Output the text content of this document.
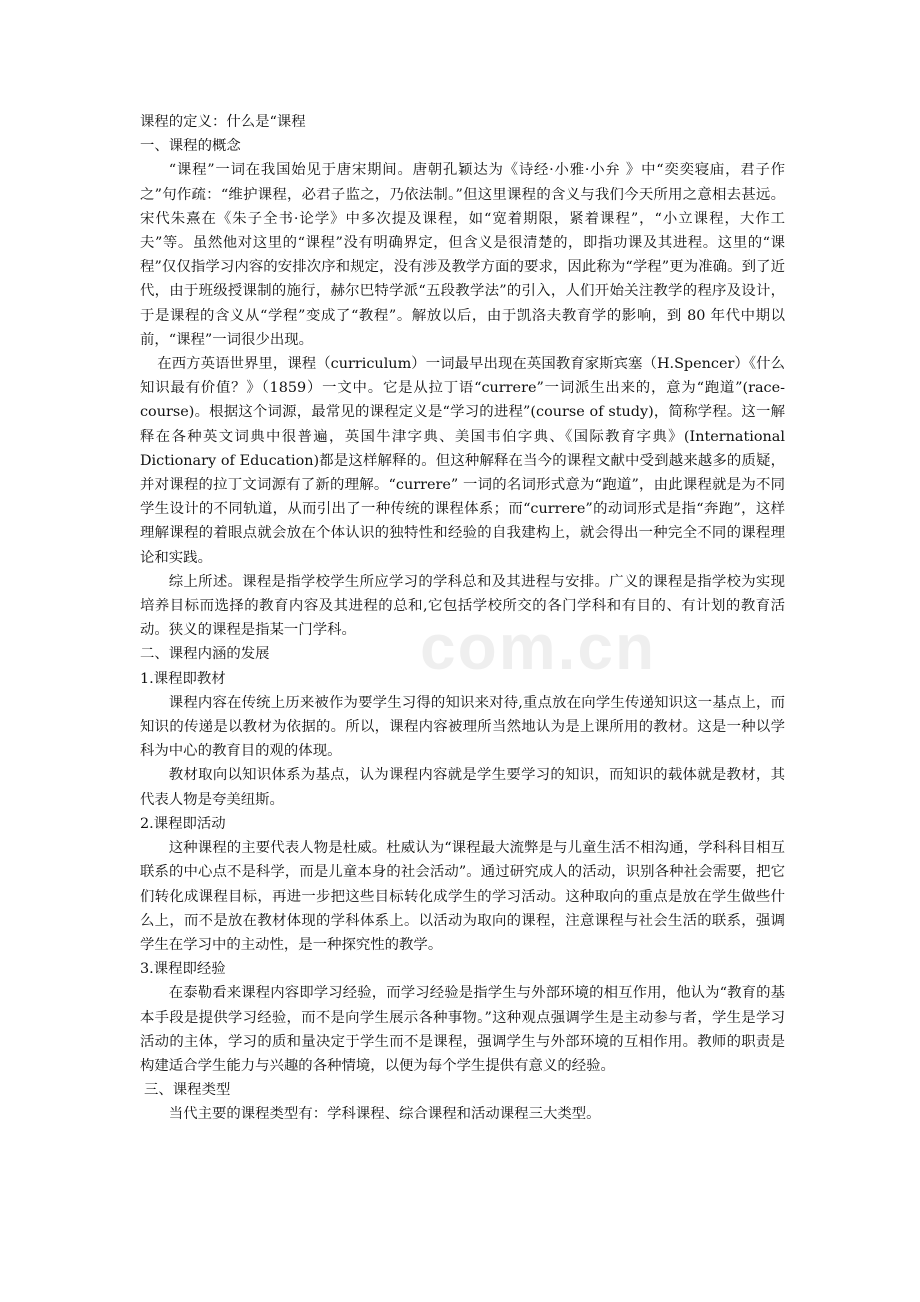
com.cn
课程的定义：什么是“课程
一、课程的概念
“课程”一词在我国始见于唐宋期间。唐朝孔颖达为《诗经·小雅·小弁 》中“奕奕寝庙，君子作之”句作疏：“维护课程，必君子监之，乃依法制。”但这里课程的含义与我们今天所用之意相去甚远。宋代朱熹在《朱子全书·论学》中多次提及课程，如“宽着期限，紧着课程”，“小立课程，大作工夫”等。虽然他对这里的“课程”没有明确界定，但含义是很清楚的，即指功课及其进程。这里的“课程”仅仅指学习内容的安排次序和规定，没有涉及教学方面的要求，因此称为“学程”更为准确。到了近代，由于班级授课制的施行，赫尔巴特学派“五段教学法”的引入，人们开始关注教学的程序及设计，于是课程的含义从“学程”变成了“教程”。解放以后，由于凯洛夫教育学的影响，到 80 年代中期以前，“课程”一词很少出现。
在西方英语世界里，课程（curriculum）一词最早出现在英国教育家斯宾塞（H.Spencer）《什么知识最有价值？》（1859）一文中。它是从拉丁语“currere”一词派生出来的，意为“跑道”(race-course)。根据这个词源，最常见的课程定义是“学习的进程”(course of study)，简称学程。这一解释在各种英文词典中很普遍，英国牛津字典、美国韦伯字典、《国际教育字典》(International Dictionary of Education)都是这样解释的。但这种解释在当今的课程文献中受到越来越多的质疑，并对课程的拉丁文词源有了新的理解。“currere” 一词的名词形式意为“跑道”，由此课程就是为不同学生设计的不同轨道，从而引出了一种传统的课程体系；而“currere”的动词形式是指“奔跑”，这样理解课程的着眼点就会放在个体认识的独特性和经验的自我建构上，就会得出一种完全不同的课程理论和实践。
综上所述。课程是指学校学生所应学习的学科总和及其进程与安排。广义的课程是指学校为实现培养目标而选择的教育内容及其进程的总和,它包括学校所交的各门学科和有目的、有计划的教育活动。狭义的课程是指某一门学科。
二、课程内涵的发展
1.课程即教材
课程内容在传统上历来被作为要学生习得的知识来对待,重点放在向学生传递知识这一基点上，而知识的传递是以教材为依据的。所以，课程内容被理所当然地认为是上课所用的教材。这是一种以学科为中心的教育目的观的体现。
教材取向以知识体系为基点，认为课程内容就是学生要学习的知识，而知识的载体就是教材，其代表人物是夸美纽斯。
2.课程即活动
这种课程的主要代表人物是杜威。杜威认为“课程最大流弊是与儿童生活不相沟通，学科科目相互联系的中心点不是科学，而是儿童本身的社会活动”。通过研究成人的活动，识别各种社会需要，把它们转化成课程目标，再进一步把这些目标转化成学生的学习活动。这种取向的重点是放在学生做些什么上，而不是放在教材体现的学科体系上。以活动为取向的课程，注意课程与社会生活的联系，强调学生在学习中的主动性，是一种探究性的教学。
3.课程即经验
在泰勒看来课程内容即学习经验，而学习经验是指学生与外部环境的相互作用，他认为“教育的基本手段是提供学习经验，而不是向学生展示各种事物。”这种观点强调学生是主动参与者，学生是学习活动的主体，学习的质和量决定于学生而不是课程，强调学生与外部环境的互相作用。教师的职责是构建适合学生能力与兴趣的各种情境，以便为每个学生提供有意义的经验。
三、课程类型
当代主要的课程类型有：学科课程、综合课程和活动课程三大类型。
